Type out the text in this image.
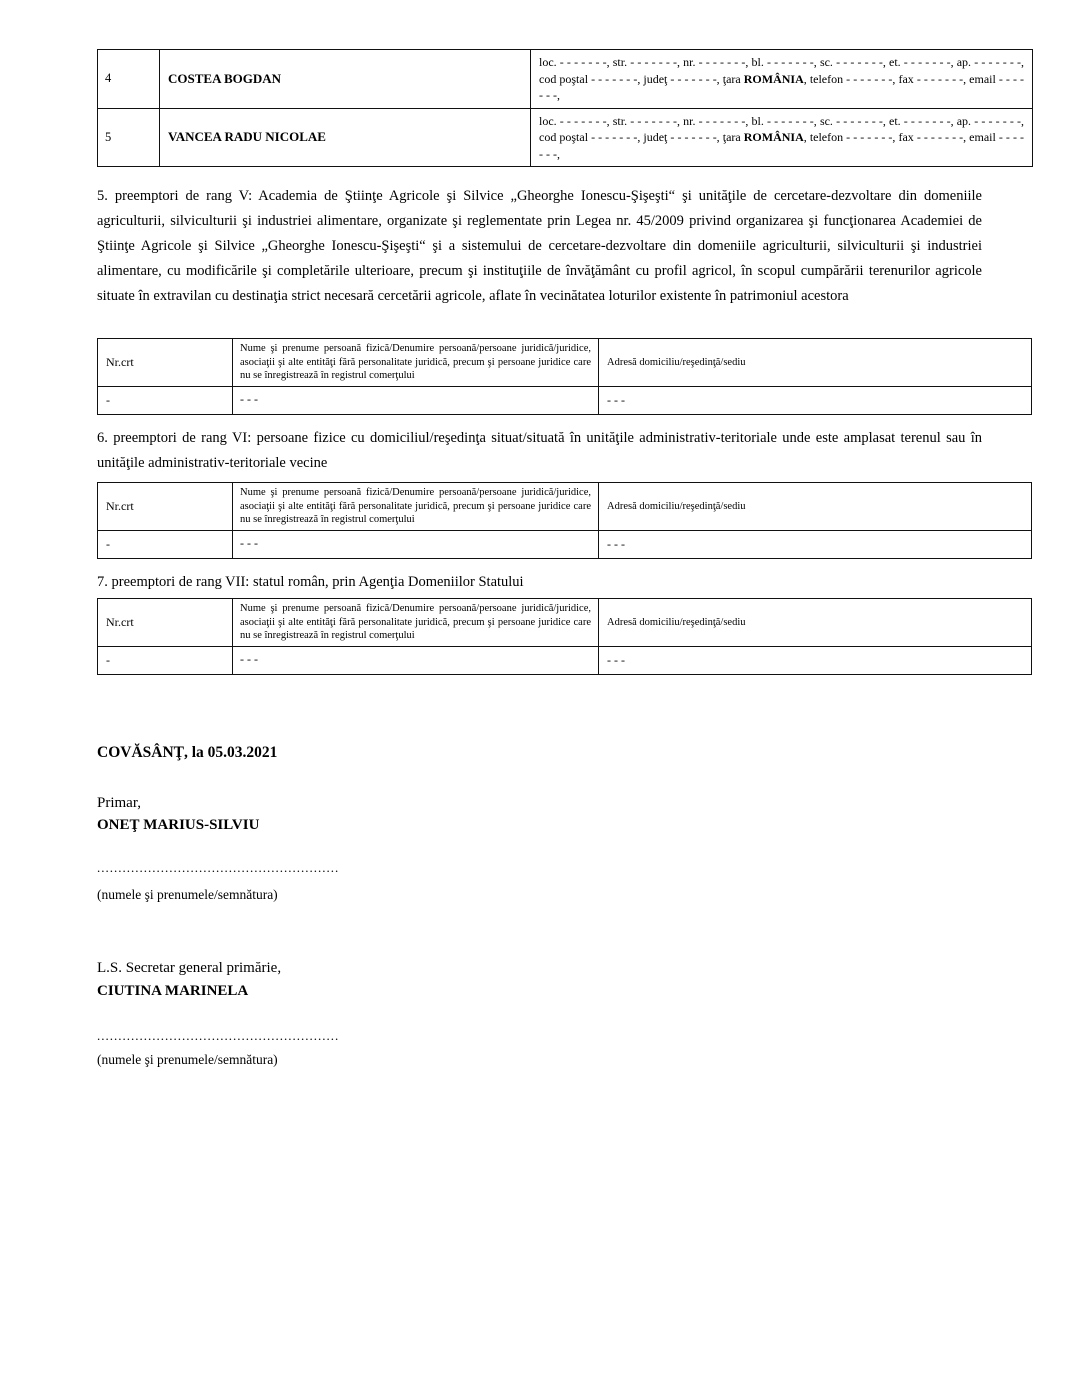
4	COSTEA BOGDAN	loc. - - - - - - -, str. - - - - - - -, nr. - - - - - - -, bl. - - - - - - -, sc. - - - - - - -, et. - - - - - - -, ap. - - - - - - -, cod poştal - - - - - - -, judeţ - - - - - - -, ţara ROMÂNIA, telefon - - - - - - -, fax - - - - - - -, email - - - - - - -,
5	VANCEA RADU NICOLAE	loc. - - - - - - -, str. - - - - - - -, nr. - - - - - - -, bl. - - - - - - -, sc. - - - - - - -, et. - - - - - - -, ap. - - - - - - -, cod poştal - - - - - - -, judeţ - - - - - - -, ţara ROMÂNIA, telefon - - - - - - -, fax - - - - - - -, email - - - - - - -,
5. preemptori de rang V: Academia de Ştiinţe Agricole şi Silvice „Gheorghe Ionescu-Şişeşti“ şi unităţile de cercetare-dezvoltare din domeniile agriculturii, silviculturii şi industriei alimentare, organizate şi reglementate prin Legea nr. 45/2009 privind organizarea şi funcţionarea Academiei de Ştiinţe Agricole şi Silvice „Gheorghe Ionescu-Şişeşti“ şi a sistemului de cercetare-dezvoltare din domeniile agriculturii, silviculturii şi industriei alimentare, cu modificările şi completările ulterioare, precum şi instituţiile de învăţământ cu profil agricol, în scopul cumpărării terenurilor agricole situate în extravilan cu destinaţia strict necesară cercetării agricole, aflate în vecinătatea loturilor existente în patrimoniul acestora
Nr.crt	Nume şi prenume persoană fizică/Denumire persoană/persoane juridică/juridice, asociaţii şi alte entităţi fără personalitate juridică, precum şi persoane juridice care nu se înregistrează în registrul comerţului	Adresă domiciliu/reşedinţă/sediu
-	- - -	- - -
6. preemptori de rang VI: persoane fizice cu domiciliul/reşedinţa situat/situată în unităţile administrativ-teritoriale unde este amplasat terenul sau în unităţile administrativ-teritoriale vecine
Nr.crt	Nume şi prenume persoană fizică/Denumire persoană/persoane juridică/juridice, asociaţii şi alte entităţi fără personalitate juridică, precum şi persoane juridice care nu se înregistrează în registrul comerţului	Adresă domiciliu/reşedinţă/sediu
-	- - -	- - -
7. preemptori de rang VII: statul român, prin Agenţia Domeniilor Statului
Nr.crt	Nume şi prenume persoană fizică/Denumire persoană/persoane juridică/juridice, asociaţii şi alte entităţi fără personalitate juridică, precum şi persoane juridice care nu se înregistrează în registrul comerţului	Adresă domiciliu/reşedinţă/sediu
-	- - -	- - -
COVĂSÂNŢ, la 05.03.2021
Primar,
ONEŢ MARIUS-SILVIU
.........................................................
(numele şi prenumele/semnătura)
L.S. Secretar general primărie,
CIUTINA MARINELA
.........................................................
(numele şi prenumele/semnătura)
